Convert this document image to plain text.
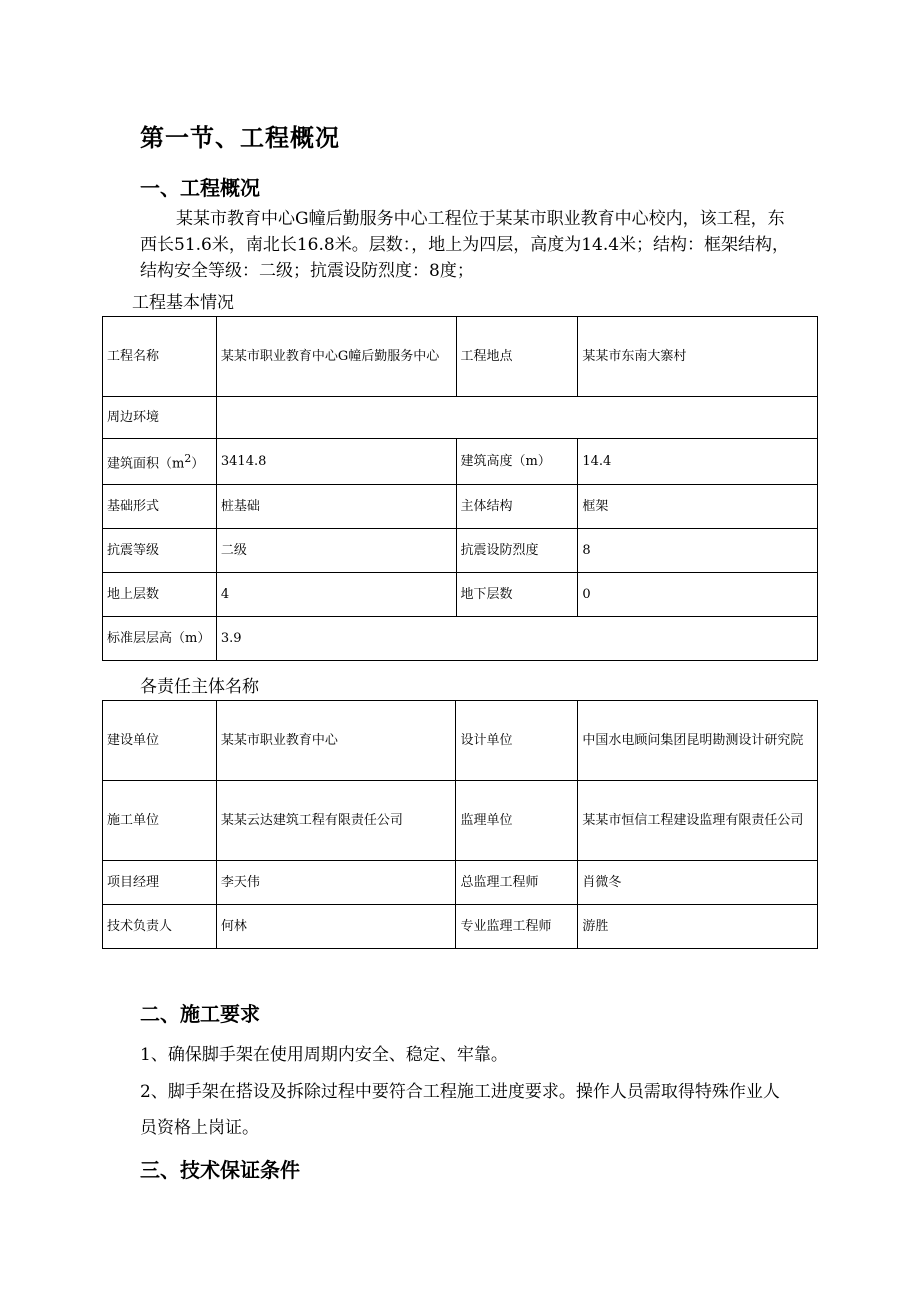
第一节、工程概况
一、工程概况
某某市教育中心G幢后勤服务中心工程位于某某市职业教育中心校内，该工程，东西长51.6米，南北长16.8米。层数：，地上为四层，高度为14.4米；结构：框架结构，结构安全等级：二级；抗震设防烈度：8度；
工程基本情况
工程名称	某某市职业教育中心G幢后勤服务中心	工程地点	某某市东南大寨村
周边环境			
建筑面积$(m^2)$	3414.8	建筑高度（m）	14.4
基础形式	桩基础	主体结构	框架
抗震等级	二级	抗震设防烈度	8
地上层数	4	地下层数	0
标准层层高（m）	3.9		
各责任主体名称
建设单位	某某市职业教育中心	设计单位	中国水电顾问集团昆明勘测设计研究院
施工单位	某某云达建筑工程有限责任公司	监理单位	某某市恒信工程建设监理有限责任公司
项目经理	李天伟	总监理工程师	肖微冬
技术负责人	何林	专业监理工程师	游胜
二、施工要求
1、确保脚手架在使用周期内安全、稳定、牢靠。
2、脚手架在搭设及拆除过程中要符合工程施工进度要求。操作人员需取得特殊作业人员资格上岗证。
三、技术保证条件
